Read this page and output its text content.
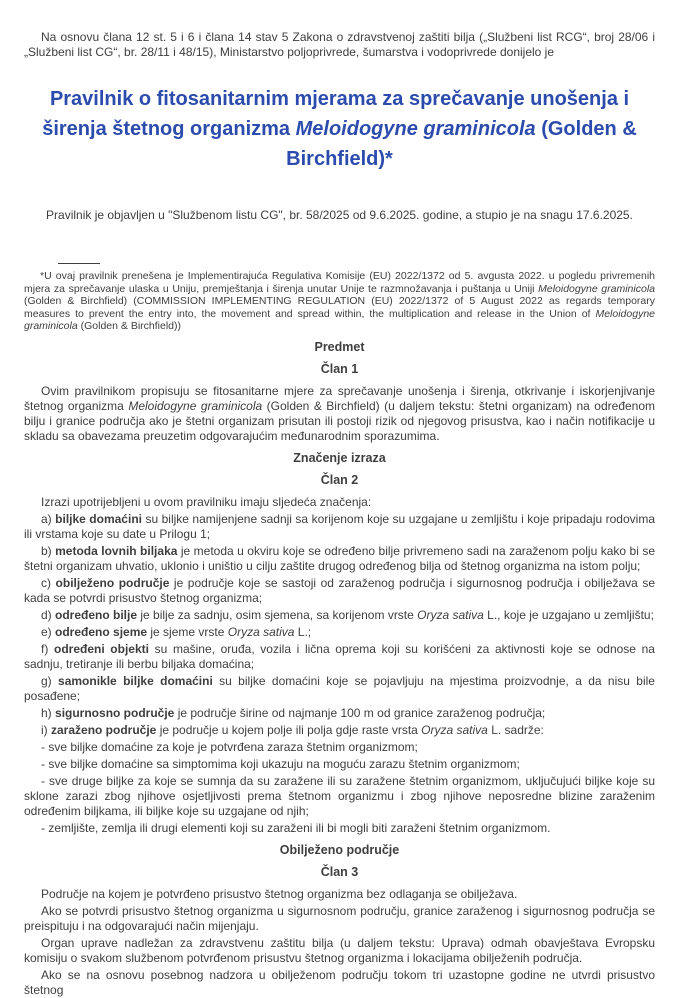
Na osnovu člana 12 st. 5 i 6 i člana 14 stav 5 Zakona o zdravstvenoj zaštiti bilja („Službeni list RCG“, broj 28/06 i „Službeni list CG“, br. 28/11 i 48/15), Ministarstvo poljoprivrede, šumarstva i vodoprivrede donijelo je

Pravilnik o fitosanitarnim mjerama za sprečavanje unošenja i širenja štetnog organizma Meloidogyne graminicola (Golden & Birchfield)*

Pravilnik je objavljen u "Službenom listu CG", br. 58/2025 od 9.6.2025. godine, a stupio je na snagu 17.6.2025.

*U ovaj pravilnik prenešena je Implementirajuća Regulativa Komisije (EU) 2022/1372 od 5. avgusta 2022. u pogledu privremenih mjera za sprečavanje ulaska u Uniju, premještanja i širenja unutar Unije te razmnožavanja i puštanja u Uniji Meloidogyne graminicola (Golden & Birchfield) (COMMISSION IMPLEMENTING REGULATION (EU) 2022/1372 of 5 August 2022 as regards temporary measures to prevent the entry into, the movement and spread within, the multiplication and release in the Union of Meloidogyne graminicola (Golden & Birchfield))

Predmet

Član 1

Ovim pravilnikom propisuju se fitosanitarne mjere za sprečavanje unošenja i širenja, otkrivanje i iskorjenjivanje štetnog organizma Meloidogyne graminicola (Golden & Birchfield) (u daljem tekstu: štetni organizam) na određenom bilju i granice područja ako je štetni organizam prisutan ili postoji rizik od njegovog prisustva, kao i način notifikacije u skladu sa obavezama preuzetim odgovarajućim međunarodnim sporazumima.

Značenje izraza

Član 2

Izrazi upotrijebljeni u ovom pravilniku imaju sljedeća značenja:

a) biljke domaćini su biljke namijenjene sadnji sa korijenom koje su uzgajane u zemljištu i koje pripadaju rodovima ili vrstama koje su date u Prilogu 1;

b) metoda lovnih biljaka je metoda u okviru koje se određeno bilje privremeno sadi na zaraženom polju kako bi se štetni organizam uhvatio, uklonio i uništio u cilju zaštite drugog određenog bilja od štetnog organizma na istom polju;

c) obilježeno područje je područje koje se sastoji od zaraženog područja i sigurnosnog područja i obilježava se kada se potvrdi prisustvo štetnog organizma;

d) određeno bilje je bilje za sadnju, osim sjemena, sa korijenom vrste Oryza sativa L., koje je uzgajano u zemljištu;

e) određeno sjeme je sjeme vrste Oryza sativa L.;

f) određeni objekti su mašine, oruđa, vozila i lična oprema koji su korišćeni za aktivnosti koje se odnose na sadnju, tretiranje ili berbu biljaka domaćina;

g) samonikle biljke domaćini su biljke domaćini koje se pojavljuju na mjestima proizvodnje, a da nisu bile posađene;

h) sigurnosno područje je područje širine od najmanje 100 m od granice zaraženog područja;

i) zaraženo područje je područje u kojem polje ili polja gdje raste vrsta Oryza sativa L. sadrže:

- sve biljke domaćine za koje je potvrđena zaraza štetnim organizmom;

- sve biljke domaćine sa simptomima koji ukazuju na moguću zarazu štetnim organizmom;

- sve druge biljke za koje se sumnja da su zaražene ili su zaražene štetnim organizmom, uključujući biljke koje su sklone zarazi zbog njihove osjetljivosti prema štetnom organizmu i zbog njihove neposredne blizine zaraženim određenim biljkama, ili biljke koje su uzgajane od njih;

- zemljište, zemlja ili drugi elementi koji su zaraženi ili bi mogli biti zaraženi štetnim organizmom.

Obilježeno područje

Član 3

Područje na kojem je potvrđeno prisustvo štetnog organizma bez odlaganja se obilježava.

Ako se potvrdi prisustvo štetnog organizma u sigurnosnom području, granice zaraženog i sigurnosnog područja se preispituju i na odgovarajući način mijenjaju.

Organ uprave nadležan za zdravstvenu zaštitu bilja (u daljem tekstu: Uprava) odmah obavještava Evropsku komisiju o svakom službenom potvrđenom prisustvu štetnog organizma i lokacijama obilježenih područja.

Ako se na osnovu posebnog nadzora u obilježenom području tokom tri uzastopne godine ne utvrdi prisustvo štetnog
